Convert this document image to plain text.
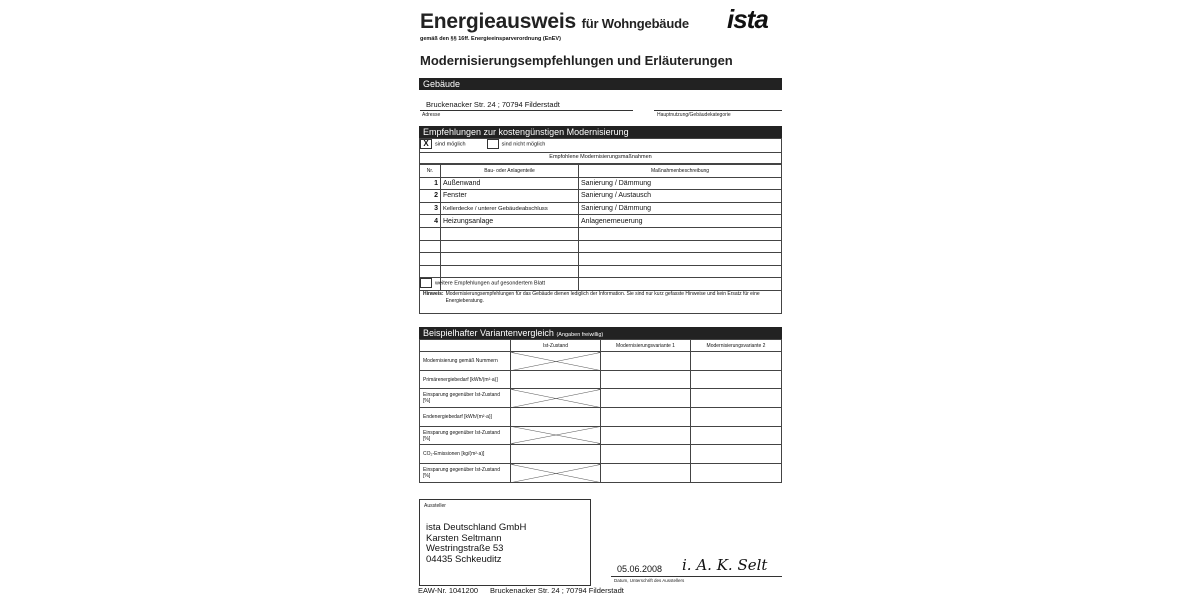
Energieausweis für Wohngebäude
gemäß den §§ 16ff. Energieeinsparverordnung (EnEV)
ista
Modernisierungsempfehlungen und Erläuterungen
Gebäude
Bruckenacker Str. 24 ; 70794 Filderstadt
Adresse	Hauptnutzung/Gebäudekategorie
Empfehlungen zur kostengünstigen Modernisierung
X sind möglich	sind nicht möglich
Empfohlene Modernisierungsmaßnahmen
Nr.	Bau- oder Anlagenteile	Maßnahmenbeschreibung
1	Außenwand	Sanierung / Dämmung
2	Fenster	Sanierung / Austausch
3	Kellerdecke / unterer Gebäudeabschluss	Sanierung / Dämmung
4	Heizungsanlage	Anlagenerneuerung

weitere Empfehlungen auf gesondertem Blatt
Hinweis: Modernisierungsempfehlungen für das Gebäude dienen lediglich der Information. Sie sind nur kurz gefasste Hinweise und kein Ersatz für eine Energieberatung.
Beispielhafter Variantenvergleich (Angaben freiwillig)
	Ist-Zustand	Modernisierungsvariante 1	Modernisierungsvariante 2
Modernisierung gemäß Nummern			
Primärenergiebedarf [kWh/(m²·a)]			
Einsparung gegenüber Ist-Zustand [%]			
Endenergiebedarf [kWh/(m²·a)]			
Einsparung gegenüber Ist-Zustand [%]			
CO₂-Emissionen [kg/(m²·a)]			
Einsparung gegenüber Ist-Zustand [%]			
Aussteller
ista Deutschland GmbH
Karsten Seltmann
Westringstraße 53
04435 Schkeuditz
05.06.2008 i. A. K. Selt
Datum, Unterschrift des Ausstellers
EAW-Nr. 1041200 Bruckenacker Str. 24 ; 70794 Filderstadt
